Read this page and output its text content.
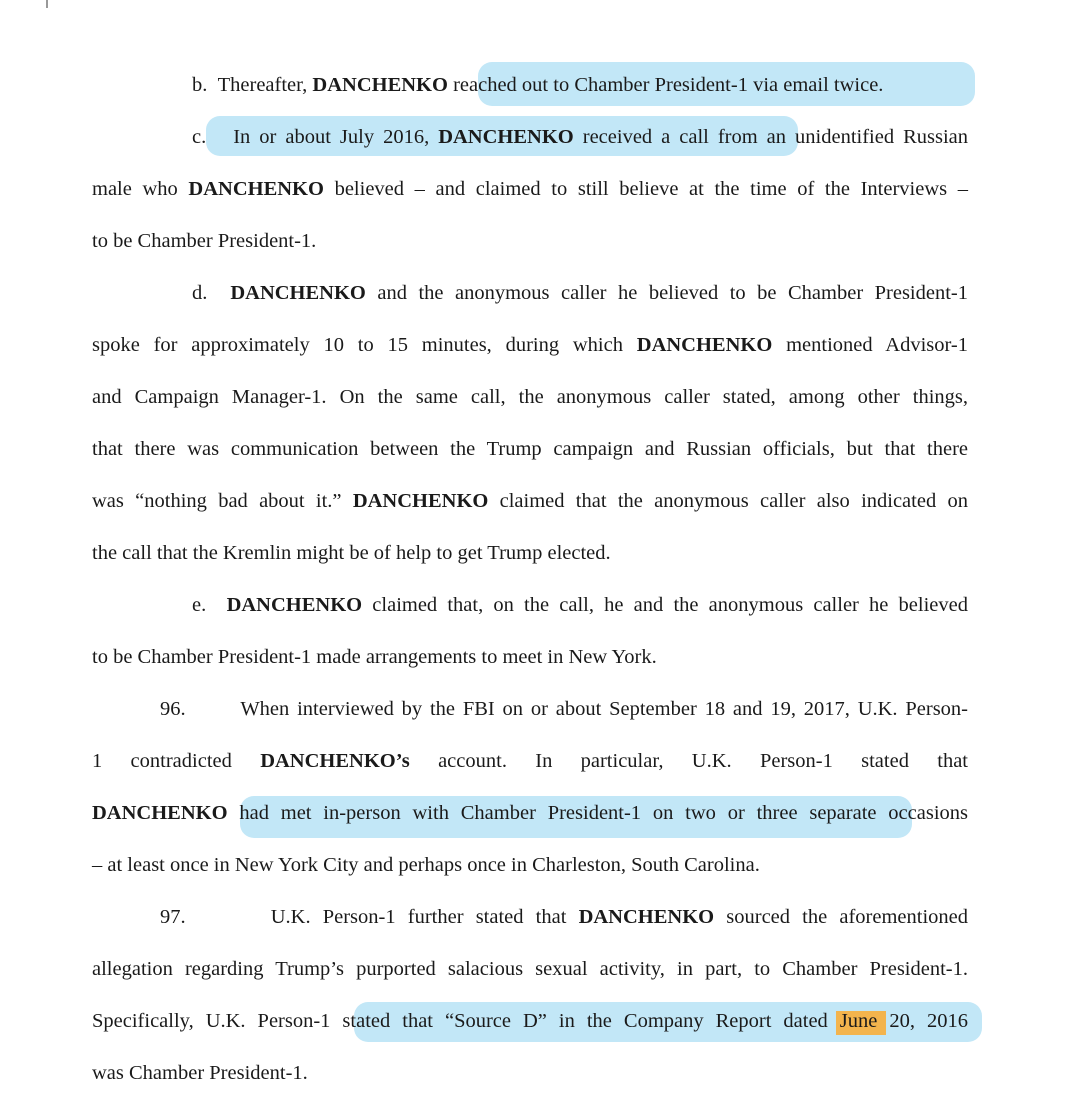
b. Thereafter, DANCHENKO reached out to Chamber President-1 via email twice.
c. In or about July 2016, DANCHENKO received a call from an unidentified Russian
male who DANCHENKO believed – and claimed to still believe at the time of the Interviews –
to be Chamber President-1.
d. DANCHENKO and the anonymous caller he believed to be Chamber President-1
spoke for approximately 10 to 15 minutes, during which DANCHENKO mentioned Advisor-1
and Campaign Manager-1. On the same call, the anonymous caller stated, among other things,
that there was communication between the Trump campaign and Russian officials, but that there
was “nothing bad about it.” DANCHENKO claimed that the anonymous caller also indicated on
the call that the Kremlin might be of help to get Trump elected.
e. DANCHENKO claimed that, on the call, he and the anonymous caller he believed
to be Chamber President-1 made arrangements to meet in New York.
96.	When interviewed by the FBI on or about September 18 and 19, 2017, U.K. Person-
1 contradicted DANCHENKO’s account. In particular, U.K. Person-1 stated that
DANCHENKO had met in-person with Chamber President-1 on two or three separate occasions
– at least once in New York City and perhaps once in Charleston, South Carolina.
97.	U.K. Person-1 further stated that DANCHENKO sourced the aforementioned
allegation regarding Trump’s purported salacious sexual activity, in part, to Chamber President-1.
Specifically, U.K. Person-1 stated that “Source D” in the Company Report dated June 20, 2016
was Chamber President-1.
